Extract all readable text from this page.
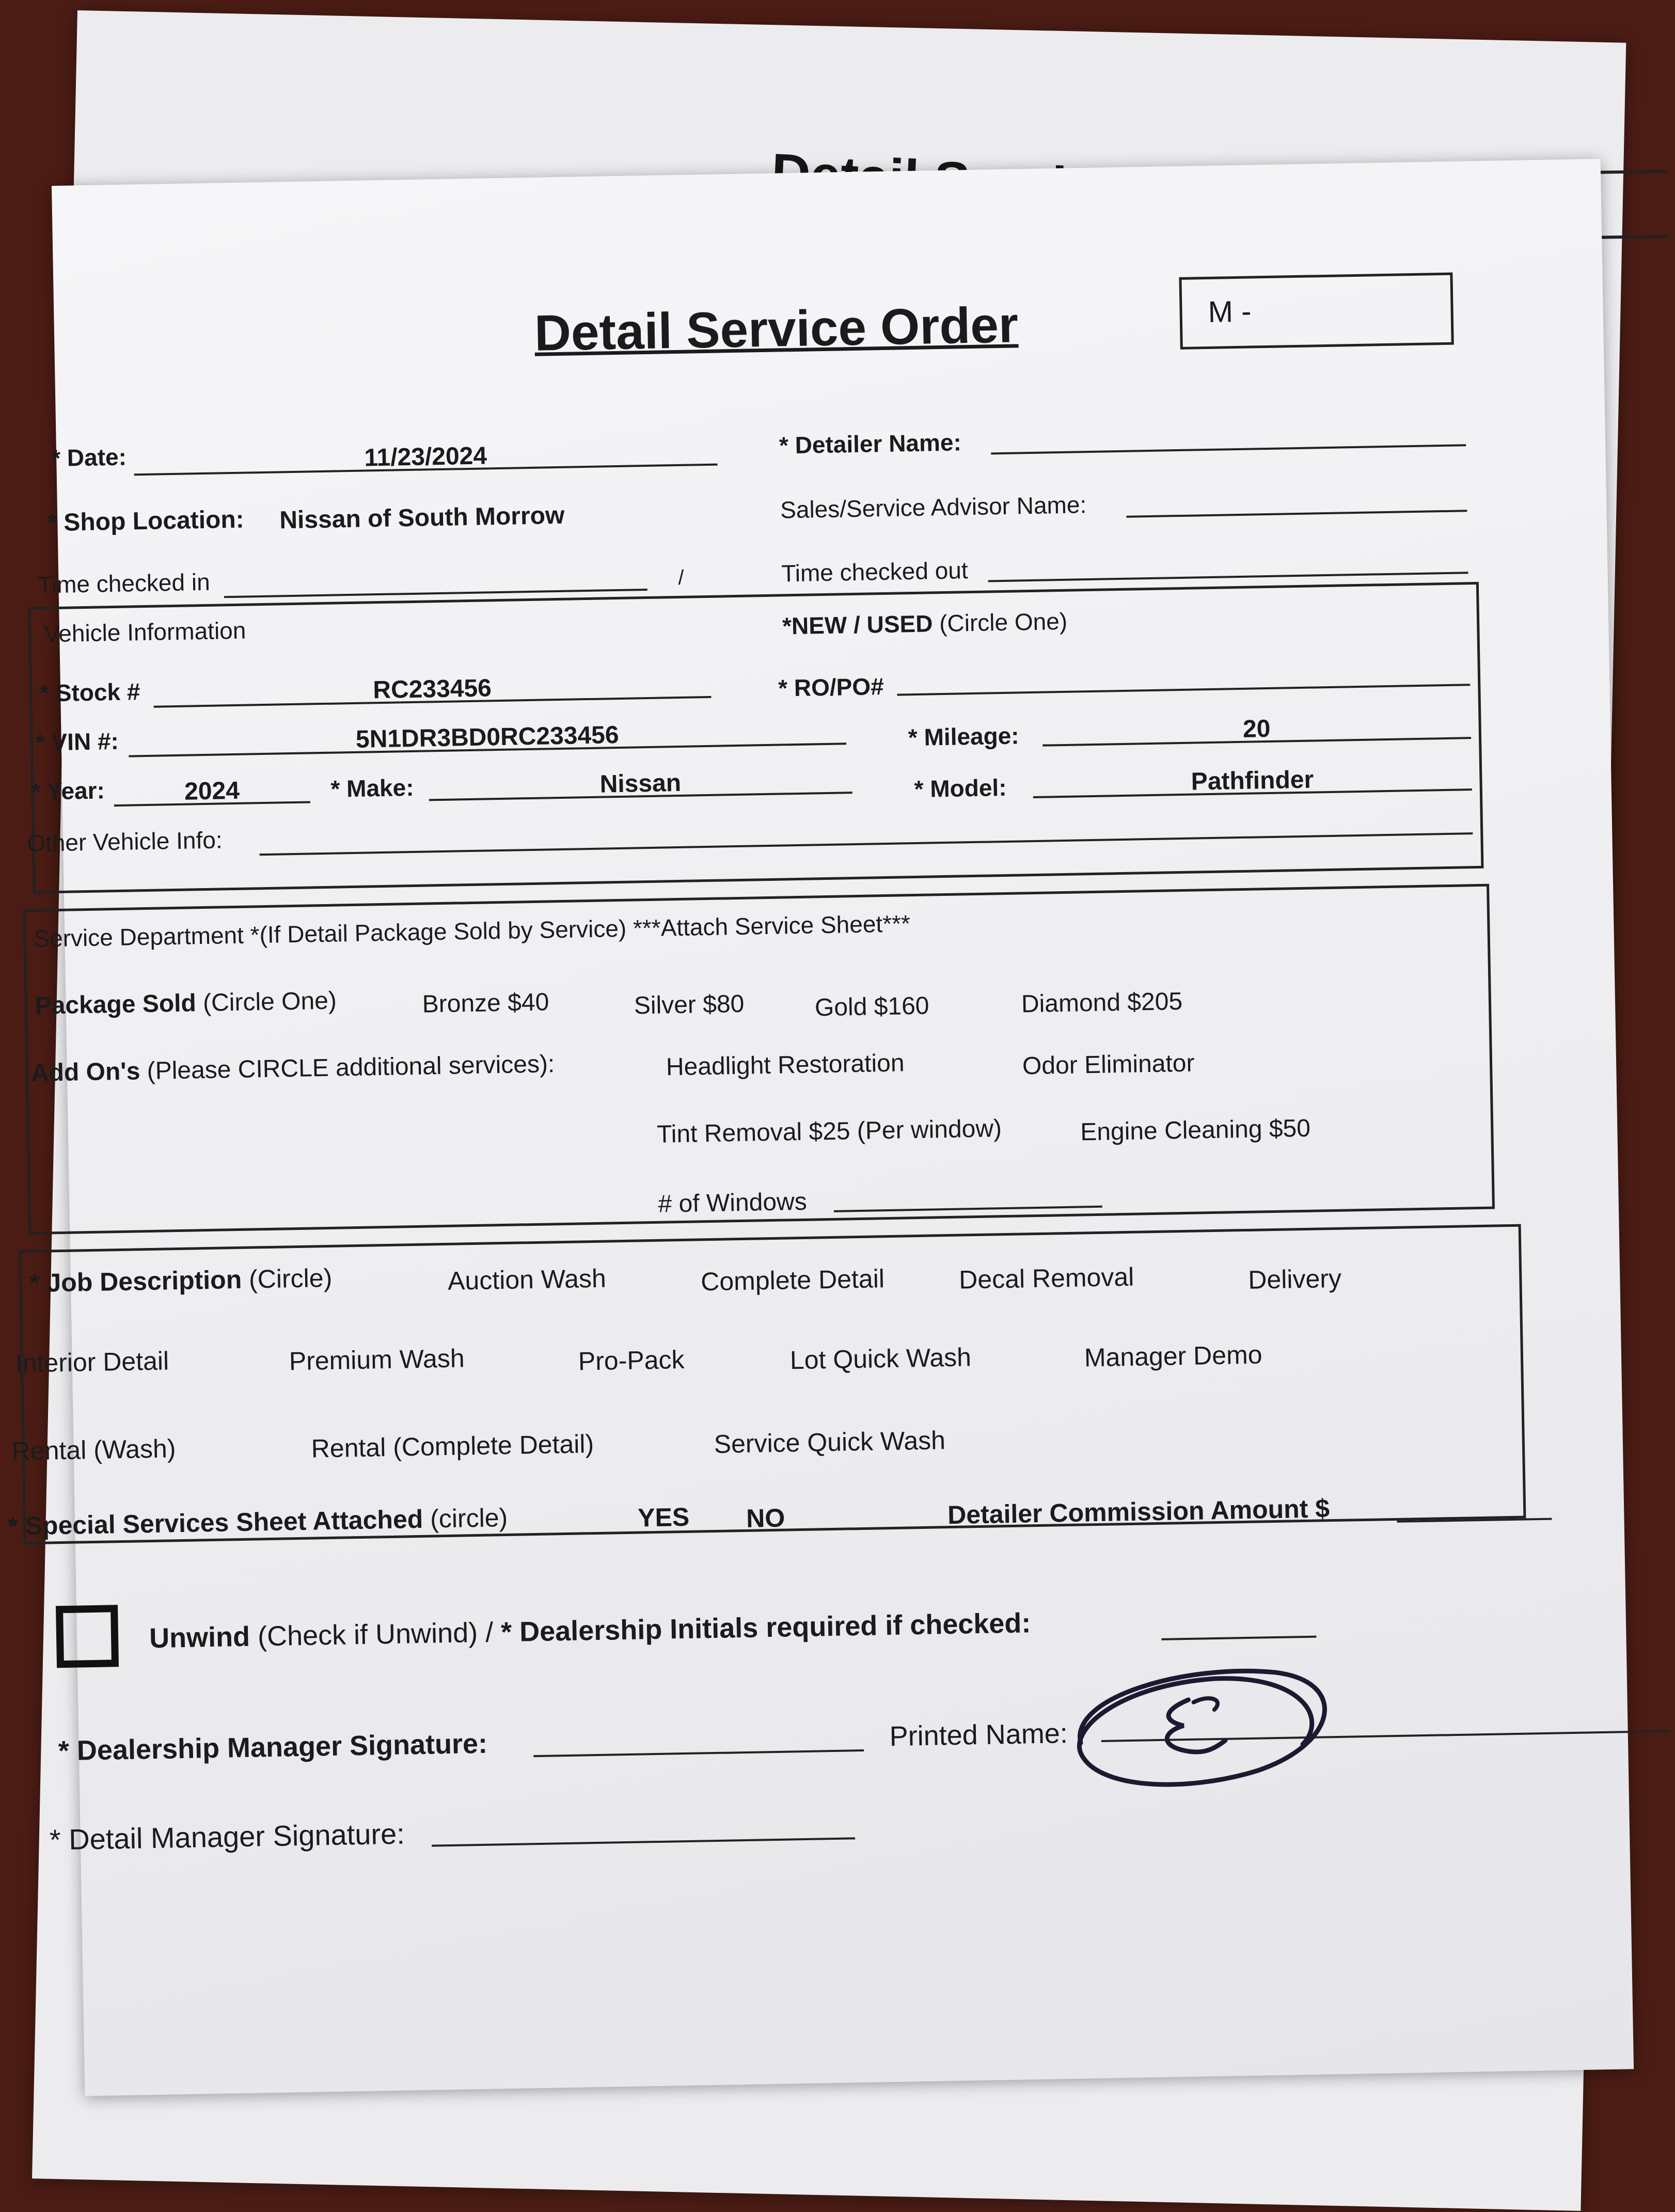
Detail Service Order	M -
* Date:	11/23/2024	* Detailer Name:
* Shop Location: Nissan of South Morrow	Sales/Service Advisor Name:
Time checked in	/	Time checked out
Vehicle Information	*NEW / USED (Circle One)
* Stock #	RC233456	* RO/PO#
* VIN #:	5N1DR3BD0RC233456	* Mileage:	20
* Year:	2024	* Make:	Nissan	* Model:	Pathfinder
Other Vehicle Info:
Service Department *(If Detail Package Sold by Service) ***Attach Service Sheet***
Package Sold (Circle One)	Bronze $40	Silver $80	Gold $160	Diamond $205
Add On's (Please CIRCLE additional services):	Headlight Restoration	Odor Eliminator
Tint Removal $25 (Per window)	Engine Cleaning $50
# of Windows
* Job Description (Circle)	Auction Wash	Complete Detail	Decal Removal	Delivery
Interior Detail	Premium Wash	Pro-Pack	Lot Quick Wash	Manager Demo
Rental (Wash)	Rental (Complete Detail)	Service Quick Wash
* Special Services Sheet Attached (circle)	YES NO	Detailer Commission Amount $
Unwind (Check if Unwind) / * Dealership Initials required if checked:
* Dealership Manager Signature:	Printed Name:
* Detail Manager Signature:
